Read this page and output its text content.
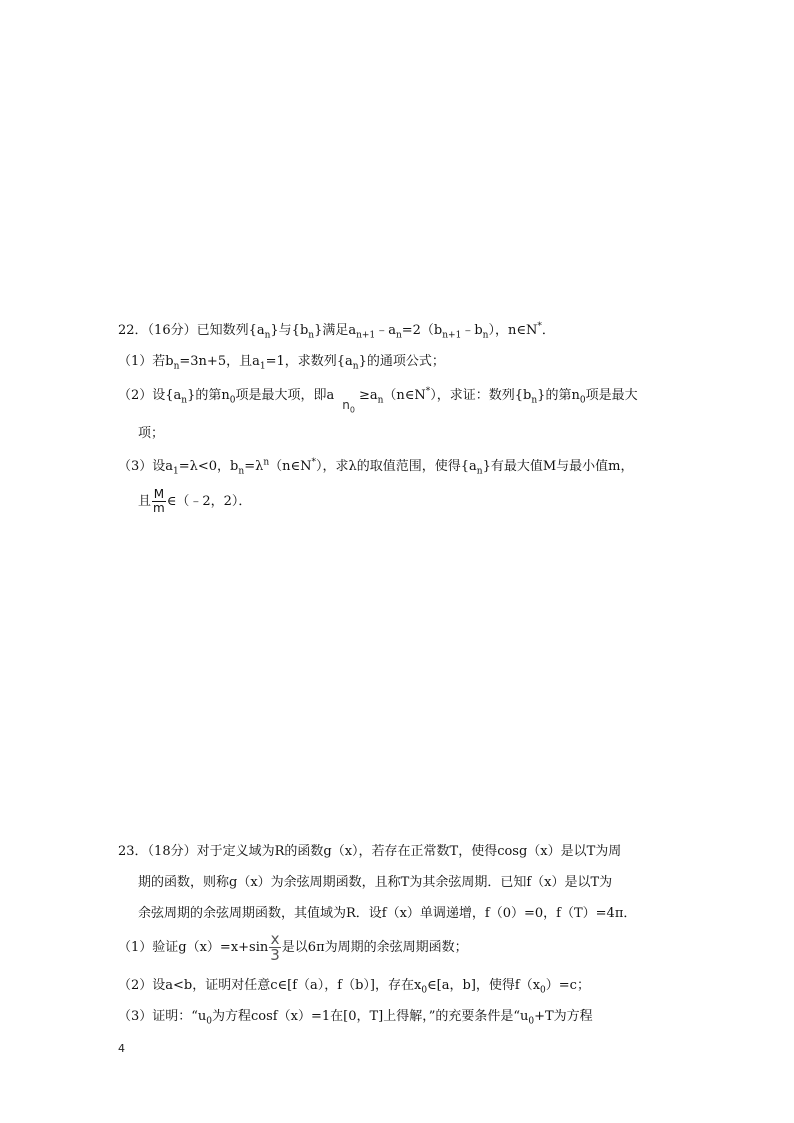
22．（16分）已知数列$\{a_n\}$与$\{b_n\}$满足$a_{n+1}﹣a_n=2(b_{n+1}﹣b_n)$，n∈N*．
（1）若$b_n=3n+5$，且$a_1=1$，求数列$\{a_n\}$的通项公式；
（2）设$\{a_n\}$的第$n_0$项是最大项，即$an_0\ge a_n(n\in N^*)$，求证：数列$\{b_n\}$的第$n_0$项是最大
项；
（3）设$a_1=\lambda<0$，$b_n=\lambda^n(n\in N^*)$，求λ的取值范围，使得$\{a_n\}$有最大值M与最小值m，
且 $\frac{M}{m}$ ∈（﹣2，2）．
23．（18分）对于定义域为R的函数g（x），若存在正常数T，使得cosg（x）是以T为周
期的函数，则称g（x）为余弦周期函数，且称T为其余弦周期．已知f（x）是以T为
余弦周期的余弦周期函数，其值域为R．设f（x）单调递增，f（0）=0，f（T）=4π．
（1）验证$g(x)=x+\sin \frac{x}{3}$ 是以6π为周期的余弦周期函数；
（2）设a<b，证明对任意c∈[f（a），f（b）]，存在$x_0\in[a$，b]，使得$f(x_0)=c$；
（3）证明：“$u_0$为方程cosf（x）=1在[0，T]上得解，”的充要条件是“$u_0+T$为方程
4
